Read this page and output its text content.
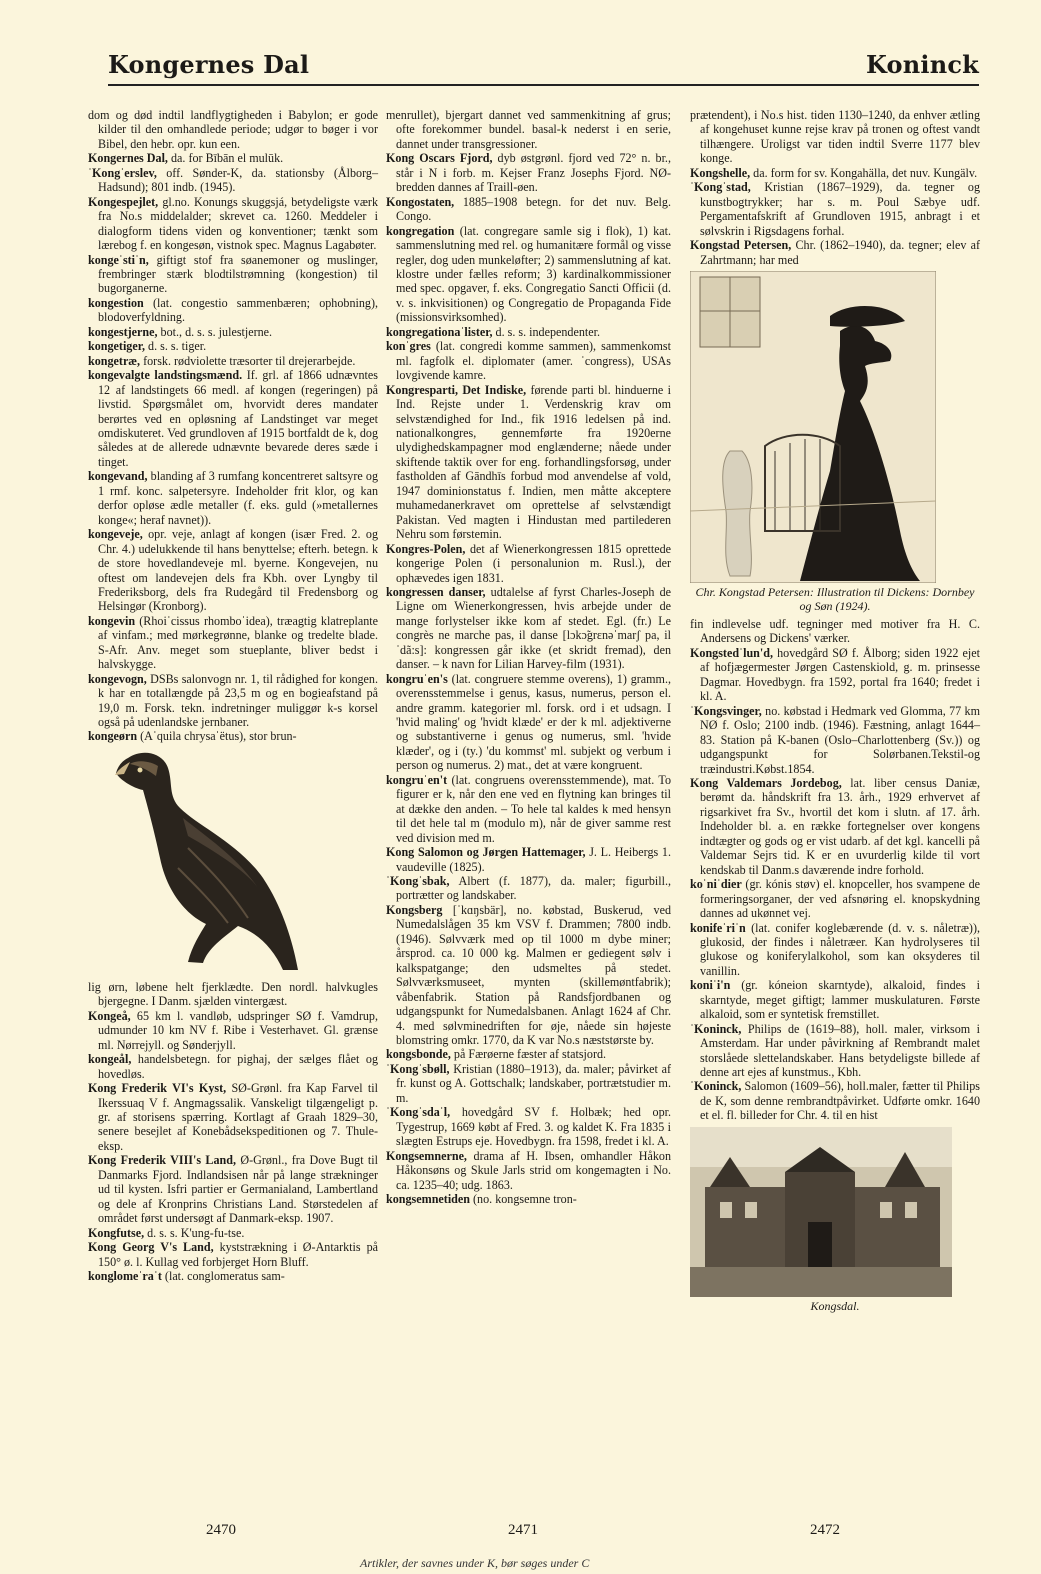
Kongernes Dal	Koninck

dom og død indtil landflygtigheden i Babylon; er gode kilder til den omhandlede periode; udgør to bøger i vor Bibel, den hebr. opr. kun een.

Kongernes Dal, da. for Bībān el mulūk.

ˈKongˈerslev, off. Sønder-K, da. stationsby (Ålborg–Hadsund); 801 indb. (1945).

Kongespejlet, gl.no. Konungs skuggsjá, betydeligste værk fra No.s middelalder; skrevet ca. 1260. Meddeler i dialogform tidens viden og konventioner; tænkt som lærebog f. en kongesøn, vistnok spec. Magnus Lagabøter.

kongeˈstiˈn, giftigt stof fra søanemoner og muslinger, frembringer stærk blodtilstrømning (kongestion) til bugorganerne.

kongestion (lat. congestio sammenbæren; ophobning), blodoverfyldning.

kongestjerne, bot., d. s. s. julestjerne.

kongetiger, d. s. s. tiger.

kongetræ, forsk. rødviolette træsorter til drejerarbejde.

kongevalgte landstingsmænd. If. grl. af 1866 udnævntes 12 af landstingets 66 medl. af kongen (regeringen) på livstid. Spørgsmålet om, hvorvidt deres mandater berørtes ved en opløsning af Landstinget var meget omdiskuteret. Ved grundloven af 1915 bortfaldt de k, dog således at de allerede udnævnte bevarede deres sæde i tinget.

kongevand, blanding af 3 rumfang koncentreret saltsyre og 1 rmf. konc. salpetersyre. Indeholder frit klor, og kan derfor opløse ædle metaller (f. eks. guld (»metallernes konge«; heraf navnet)).

kongeveje, opr. veje, anlagt af kongen (især Fred. 2. og Chr. 4.) udelukkende til hans benyttelse; efterh. betegn. k de store hovedlandeveje ml. byerne. Kongevejen, nu oftest om landevejen dels fra Kbh. over Lyngby til Frederiksborg, dels fra Rudegård til Fredensborg og Helsingør (Kronborg).

kongevin (Rhoiˈcissus rhomboˈidea), træagtig klatreplante af vinfam.; med mørkegrønne, blanke og tredelte blade. S-Afr. Anv. meget som stueplante, bliver bedst i halvskygge.

kongevogn, DSBs salonvogn nr. 1, til rådighed for kongen. k har en totallængde på 23,5 m og en bogieafstand på 19,0 m. Forsk. tekn. indretninger muliggør k-s korsel også på udenlandske jernbaner.

kongeørn (Aˈquila chrysaˈëtus), stor brun-

lig ørn, løbene helt fjerklædte. Den nordl. halvkugles bjergegne. I Danm. sjælden vintergæst.

Kongeå, 65 km l. vandløb, udspringer SØ f. Vamdrup, udmunder 10 km NV f. Ribe i Vesterhavet. Gl. grænse ml. Nørrejyll. og Sønderjyll.

kongeål, handelsbetegn. for pighaj, der sælges flået og hovedløs.

Kong Frederik VI's Kyst, SØ-Grønl. fra Kap Farvel til Ikerssuaq V f. Angmagssalik. Vanskeligt tilgængeligt p. gr. af storisens spærring. Kortlagt af Graah 1829–30, senere besejlet af Konebådsekspeditionen og 7. Thule-eksp.

Kong Frederik VIII's Land, Ø-Grønl., fra Dove Bugt til Danmarks Fjord. Indlandsisen når på lange strækninger ud til kysten. Isfri partier er Germanialand, Lambertland og dele af Kronprins Christians Land. Størstedelen af området først undersøgt af Danmark-eksp. 1907.

Kongfutse, d. s. s. K'ung-fu-tse.

Kong Georg V's Land, kyststrækning i Ø-Antarktis på 150° ø. l. Kullag ved forbjerget Horn Bluff.

konglomeˈraˈt (lat. conglomeratus sam-

menrullet), bjergart dannet ved sammenkitning af grus; ofte forekommer bundel. basal-k nederst i en serie, dannet under transgressioner.

Kong Oscars Fjord, dyb østgrønl. fjord ved 72° n. br., står i N i forb. m. Kejser Franz Josephs Fjord. NØ-bredden dannes af Traill-øen.

Kongostaten, 1885–1908 betegn. for det nuv. Belg. Congo.

kongregation (lat. congregare samle sig i flok), 1) kat. sammenslutning med rel. og humanitære formål og visse regler, dog uden munkeløfter; 2) sammenslutning af kat. klostre under fælles reform; 3) kardinalkommissioner med spec. opgaver, f. eks. Congregatio Sancti Officii (d. v. s. inkvisitionen) og Congregatio de Propaganda Fide (missionsvirksomhed).

kongregationaˈlister, d. s. s. independenter.

konˈgres (lat. congredi komme sammen), sammenkomst ml. fagfolk el. diplomater (amer. ˈcongress), USAs lovgivende kamre.

Kongresparti, Det Indiske, førende parti bl. hinduerne i Ind. Rejste under 1. Verdenskrig krav om selvstændighed for Ind., fik 1916 ledelsen på ind. nationalkongres, gennemførte fra 1920erne ulydighedskampagner mod englænderne; nåede under skiftende taktik over for eng. forhandlingsforsøg, under fastholden af Gāndhīs forbud mod anvendelse af vold, 1947 dominionstatus f. Indien, men måtte akceptere muhamedanerkravet om oprettelse af selvstændigt Pakistan. Ved magten i Hindustan med partilederen Nehru som førstemin.

Kongres-Polen, det af Wienerkongressen 1815 oprettede kongerige Polen (i personalunion m. Rusl.), der ophævedes igen 1831.

kongressen danser, udtalelse af fyrst Charles-Joseph de Ligne om Wienerkongressen, hvis arbejde under de mange forlystelser ikke kom af stedet. Egl. (fr.) Le congrès ne marche pas, il danse [lɔkɔ̃grɛnəˈmarʃ pa, ilˈdã:s]: kongressen går ikke (et skridt fremad), den danser. – k navn for Lilian Harvey-film (1931).

kongruˈen's (lat. congruere stemme overens), 1) gramm., overensstemmelse i genus, kasus, numerus, person el. andre gramm. kategorier ml. forsk. ord i et udsagn. I 'hvid maling' og 'hvidt klæde' er der k ml. adjektiverne og substantiverne i genus og numerus, sml. 'hvide klæder', og i (ty.) 'du kommst' ml. subjekt og verbum i person og numerus. 2) mat., det at være kongruent.

kongruˈen't (lat. congruens overensstemmende), mat. To figurer er k, når den ene ved en flytning kan bringes til at dække den anden. – To hele tal kaldes k med hensyn til det hele tal m (modulo m), når de giver samme rest ved division med m.

Kong Salomon og Jørgen Hattemager, J. L. Heibergs 1. vaudeville (1825).

ˈKongˈsbak, Albert (f. 1877), da. maler; figurbill., portrætter og landskaber.

Kongsberg [ˈkɑŋsbär], no. købstad, Buskerud, ved Numedalslågen 35 km VSV f. Drammen; 7800 indb. (1946). Sølvværk med op til 1000 m dybe miner; årsprod. ca. 10 000 kg. Malmen er gediegent sølv i kalkspatgange; den udsmeltes på stedet. Sølvværksmuseet, mynten (skillemøntfabrik); våbenfabrik. Station på Randsfjordbanen og udgangspunkt for Numedalsbanen. Anlagt 1624 af Chr. 4. med sølvminedriften for øje, nåede sin højeste blomstring omkr. 1770, da K var No.s næststørste by.

kongsbonde, på Færøerne fæster af statsjord.

ˈKongˈsbøll, Kristian (1880–1913), da. maler; påvirket af fr. kunst og A. Gottschalk; landskaber, portrætstudier m. m.

ˈKongˈsdaˈl, hovedgård SV f. Holbæk; hed opr. Tygestrup, 1669 købt af Fred. 3. og kaldet K. Fra 1835 i slægten Estrups eje. Hovedbygn. fra 1598, fredet i kl. A.

Kongsemnerne, drama af H. Ibsen, omhandler Håkon Håkonsøns og Skule Jarls strid om kongemagten i No. ca. 1235–40; udg. 1863.

kongsemnetiden (no. kongsemne tron-

prætendent), i No.s hist. tiden 1130–1240, da enhver ætling af kongehuset kunne rejse krav på tronen og oftest vandt tilhængere. Uroligst var tiden indtil Sverre 1177 blev konge.

Kongshelle, da. form for sv. Kongahälla, det nuv. Kungälv.

ˈKongˈstad, Kristian (1867–1929), da. tegner og kunstbogtrykker; har s. m. Poul Sæbye udf. Pergamentafskrift af Grundloven 1915, anbragt i et sølvskrin i Rigsdagens forhal.

Kongstad Petersen, Chr. (1862–1940), da. tegner; elev af Zahrtmann; har med

Chr. Kongstad Petersen: Illustration til Dickens: Dornbey og Søn (1924).

fin indlevelse udf. tegninger med motiver fra H. C. Andersens og Dickens' værker.

Kongstedˈlun'd, hovedgård SØ f. Ålborg; siden 1922 ejet af hofjægermester Jørgen Castenskiold, g. m. prinsesse Dagmar. Hovedbygn. fra 1592, portal fra 1640; fredet i kl. A.

ˈKongsvinger, no. købstad i Hedmark ved Glomma, 77 km NØ f. Oslo; 2100 indb. (1946). Fæstning, anlagt 1644–83. Station på K-banen (Oslo–Charlottenberg (Sv.)) og udgangspunkt for Solørbanen.Tekstil-og træindustri.Købst.1854.

Kong Valdemars Jordebog, lat. liber census Daniæ, berømt da. håndskrift fra 13. årh., 1929 erhvervet af rigsarkivet fra Sv., hvortil det kom i slutn. af 17. årh. Indeholder bl. a. en række fortegnelser over kongens indtægter og gods og er vist udarb. af det kgl. kancelli på Valdemar Sejrs tid. K er en uvurderlig kilde til vort kendskab til Danm.s daværende indre forhold.

koˈniˈdier (gr. kónis støv) el. knopceller, hos svampene de formeringsorganer, der ved afsnøring el. knopskydning dannes ad ukønnet vej.

konifeˈriˈn (lat. conifer koglebærende (d. v. s. nåletræ)), glukosid, der findes i nåletræer. Kan hydrolyseres til glukose og koniferylalkohol, som kan oksyderes til vanillin.

koniˈi'n (gr. kóneion skarntyde), alkaloid, findes i skarntyde, meget giftigt; lammer muskulaturen. Første alkaloid, som er syntetisk fremstillet.

ˈKoninck, Philips de (1619–88), holl. maler, virksom i Amsterdam. Har under påvirkning af Rembrandt malet storslåede slettelandskaber. Hans betydeligste billede af denne art ejes af kunstmus., Kbh.

ˈKoninck, Salomon (1609–56), holl.maler, fætter til Philips de K, som denne rembrandtpåvirket. Udførte omkr. 1640 et el. fl. billeder for Chr. 4. til en hist

Kongsdal.
2470	2471	2472
Artikler, der savnes under K, bør søges under C
